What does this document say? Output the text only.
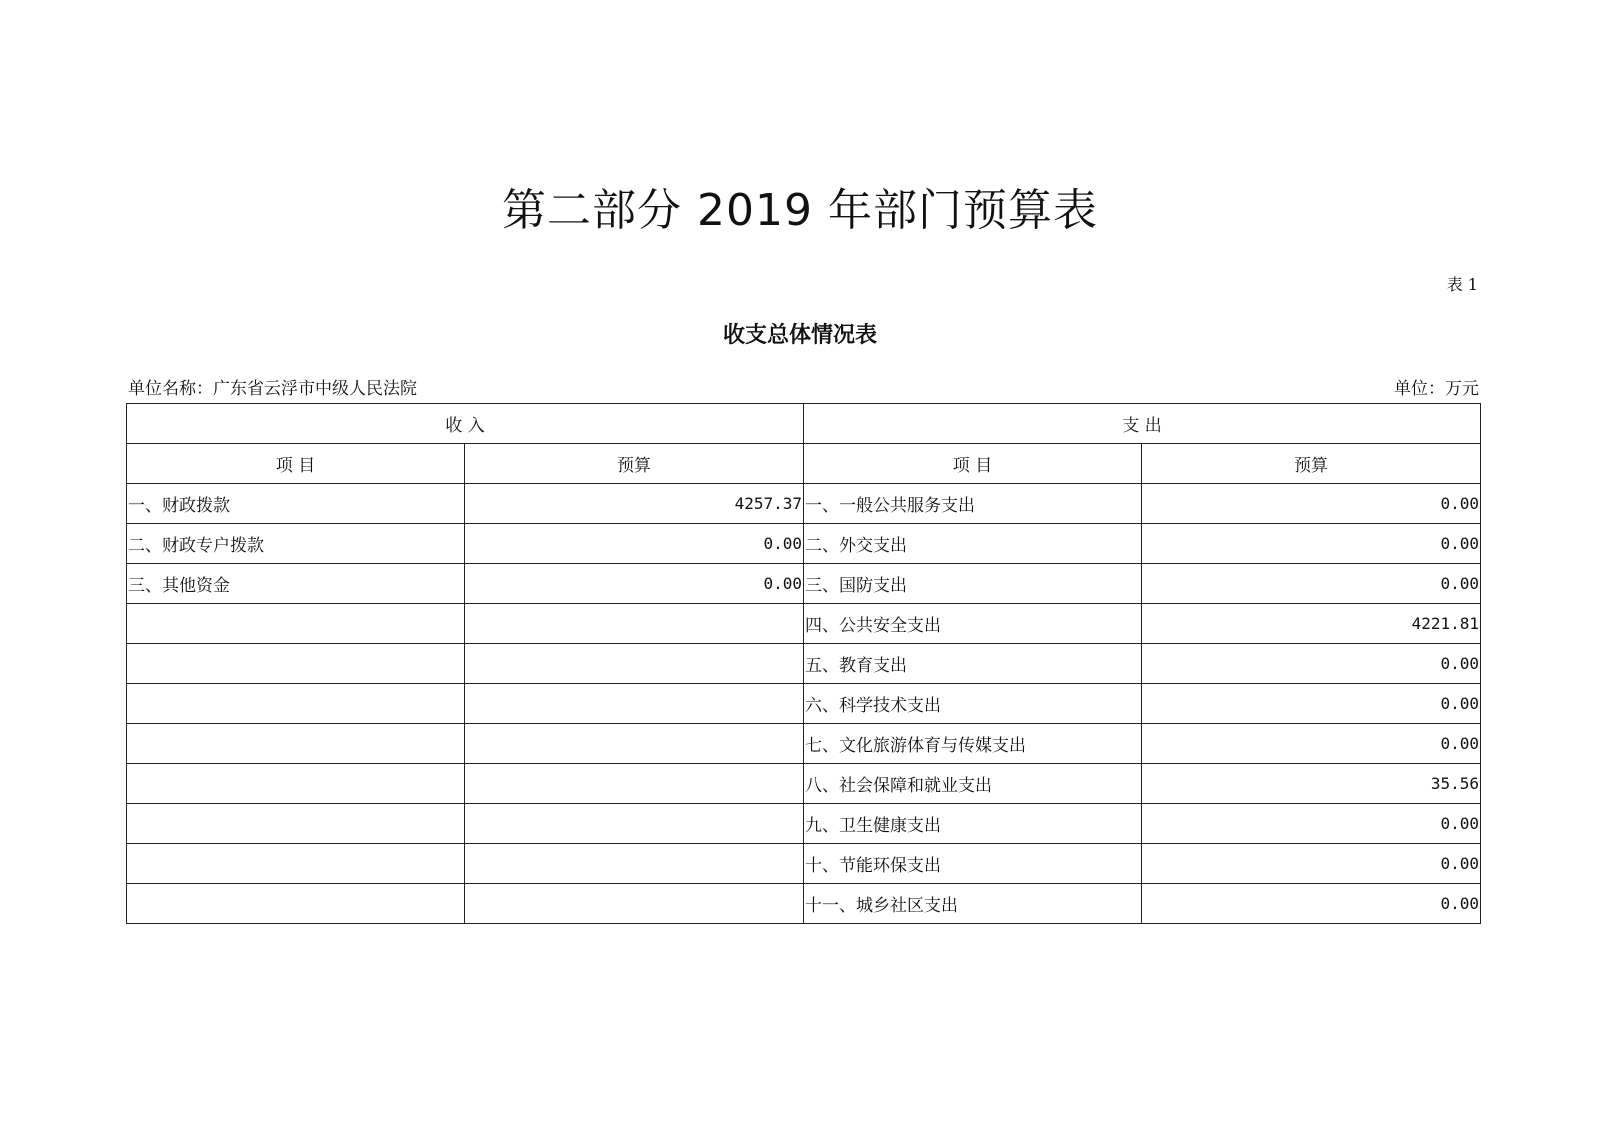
第二部分 2019 年部门预算表
表 1
收支总体情况表
单位名称：广东省云浮市中级人民法院	单位：万元
收 入		支 出	
项 目	预算	项 目	预算
一、财政拨款	4257.37	一、一般公共服务支出	0.00
二、财政专户拨款	0.00	二、外交支出	0.00
三、其他资金	0.00	三、国防支出	0.00
		四、公共安全支出	4221.81
		五、教育支出	0.00
		六、科学技术支出	0.00
		七、文化旅游体育与传媒支出	0.00
		八、社会保障和就业支出	35.56
		九、卫生健康支出	0.00
		十、节能环保支出	0.00
		十一、城乡社区支出	0.00
